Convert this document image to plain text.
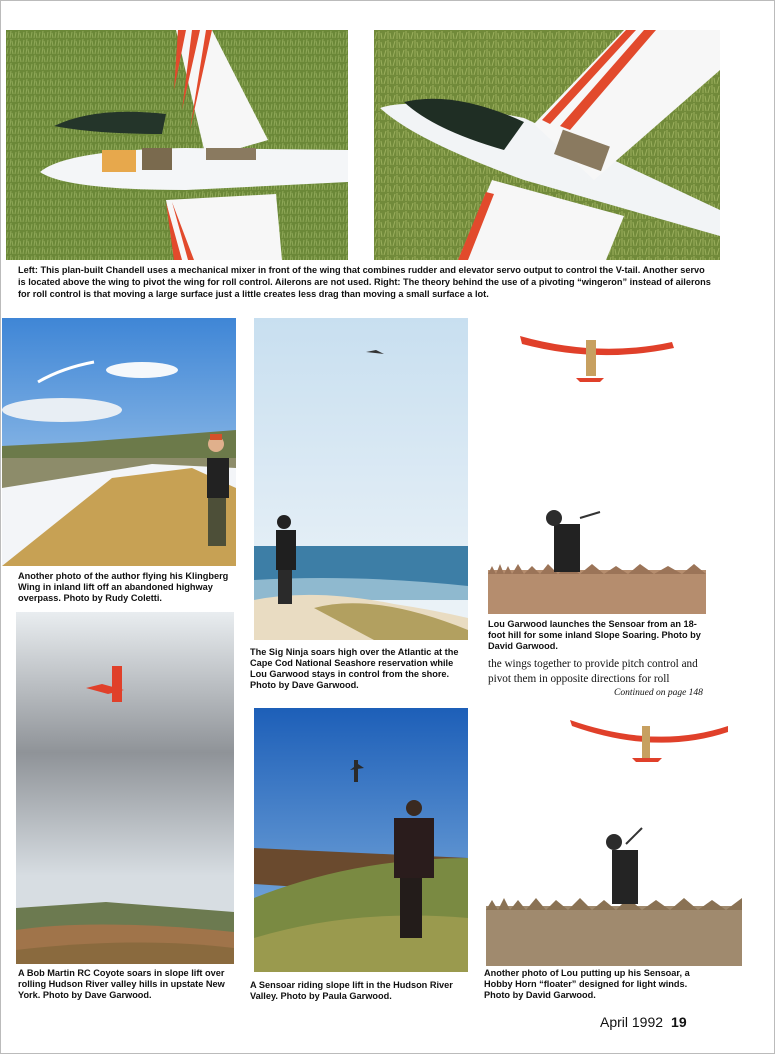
Left: This plan-built Chandell uses a mechanical mixer in front of the wing that combines rudder and elevator servo output to control the V-tail. Another servo is located above the wing to pivot the wing for roll control. Ailerons are not used. Right: The theory behind the use of a pivoting “wingeron” instead of ailerons for roll control is that moving a large surface just a little creates less drag than moving a small surface a lot.

Another photo of the author flying his Klingberg Wing in inland lift off an abandoned highway overpass. Photo by Rudy Coletti.

The Sig Ninja soars high over the Atlantic at the Cape Cod National Seashore reservation while Lou Garwood stays in control from the shore. Photo by Dave Garwood.

Lou Garwood launches the Sensoar from an 18-foot hill for some inland Slope Soaring. Photo by David Garwood.

the wings together to provide pitch control and pivot them in opposite directions for roll

Continued on page 148

A Bob Martin RC Coyote soars in slope lift over rolling Hudson River valley hills in upstate New York. Photo by Dave Garwood.

A Sensoar riding slope lift in the Hudson River Valley. Photo by Paula Garwood.

Another photo of Lou putting up his Sensoar, a Hobby Horn “floater” designed for light winds. Photo by David Garwood.

April 1992 19
